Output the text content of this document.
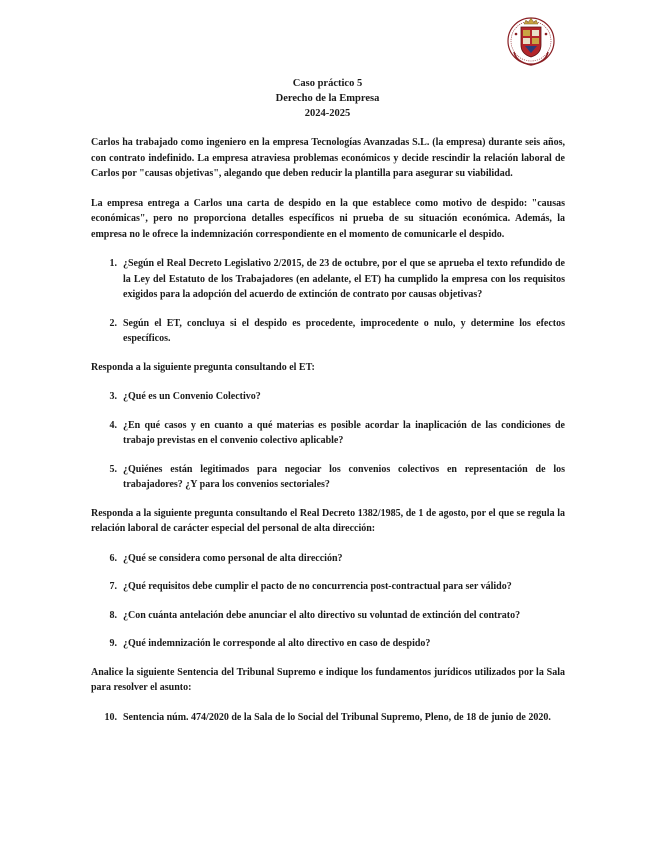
Caso práctico 5
Derecho de la Empresa
2024-2025

Carlos ha trabajado como ingeniero en la empresa Tecnologías Avanzadas S.L. (la empresa) durante seis años, con contrato indefinido. La empresa atraviesa problemas económicos y decide rescindir la relación laboral de Carlos por "causas objetivas", alegando que deben reducir la plantilla para asegurar su viabilidad.

La empresa entrega a Carlos una carta de despido en la que establece como motivo de despido: "causas económicas", pero no proporciona detalles específicos ni prueba de su situación económica. Además, la empresa no le ofrece la indemnización correspondiente en el momento de comunicarle el despido.

1. ¿Según el Real Decreto Legislativo 2/2015, de 23 de octubre, por el que se aprueba el texto refundido de la Ley del Estatuto de los Trabajadores (en adelante, el ET) ha cumplido la empresa con los requisitos exigidos para la adopción del acuerdo de extinción de contrato por causas objetivas?
2. Según el ET, concluya si el despido es procedente, improcedente o nulo, y determine los efectos específicos.

Responda a la siguiente pregunta consultando el ET:

3. ¿Qué es un Convenio Colectivo?
4. ¿En qué casos y en cuanto a qué materias es posible acordar la inaplicación de las condiciones de trabajo previstas en el convenio colectivo aplicable?
5. ¿Quiénes están legitimados para negociar los convenios colectivos en representación de los trabajadores? ¿Y para los convenios sectoriales?

Responda a la siguiente pregunta consultando el Real Decreto 1382/1985, de 1 de agosto, por el que se regula la relación laboral de carácter especial del personal de alta dirección:

6. ¿Qué se considera como personal de alta dirección?
7. ¿Qué requisitos debe cumplir el pacto de no concurrencia post-contractual para ser válido?
8. ¿Con cuánta antelación debe anunciar el alto directivo su voluntad de extinción del contrato?
9. ¿Qué indemnización le corresponde al alto directivo en caso de despido?

Analice la siguiente Sentencia del Tribunal Supremo e indique los fundamentos jurídicos utilizados por la Sala para resolver el asunto:

10. Sentencia núm. 474/2020 de la Sala de lo Social del Tribunal Supremo, Pleno, de 18 de junio de 2020.
